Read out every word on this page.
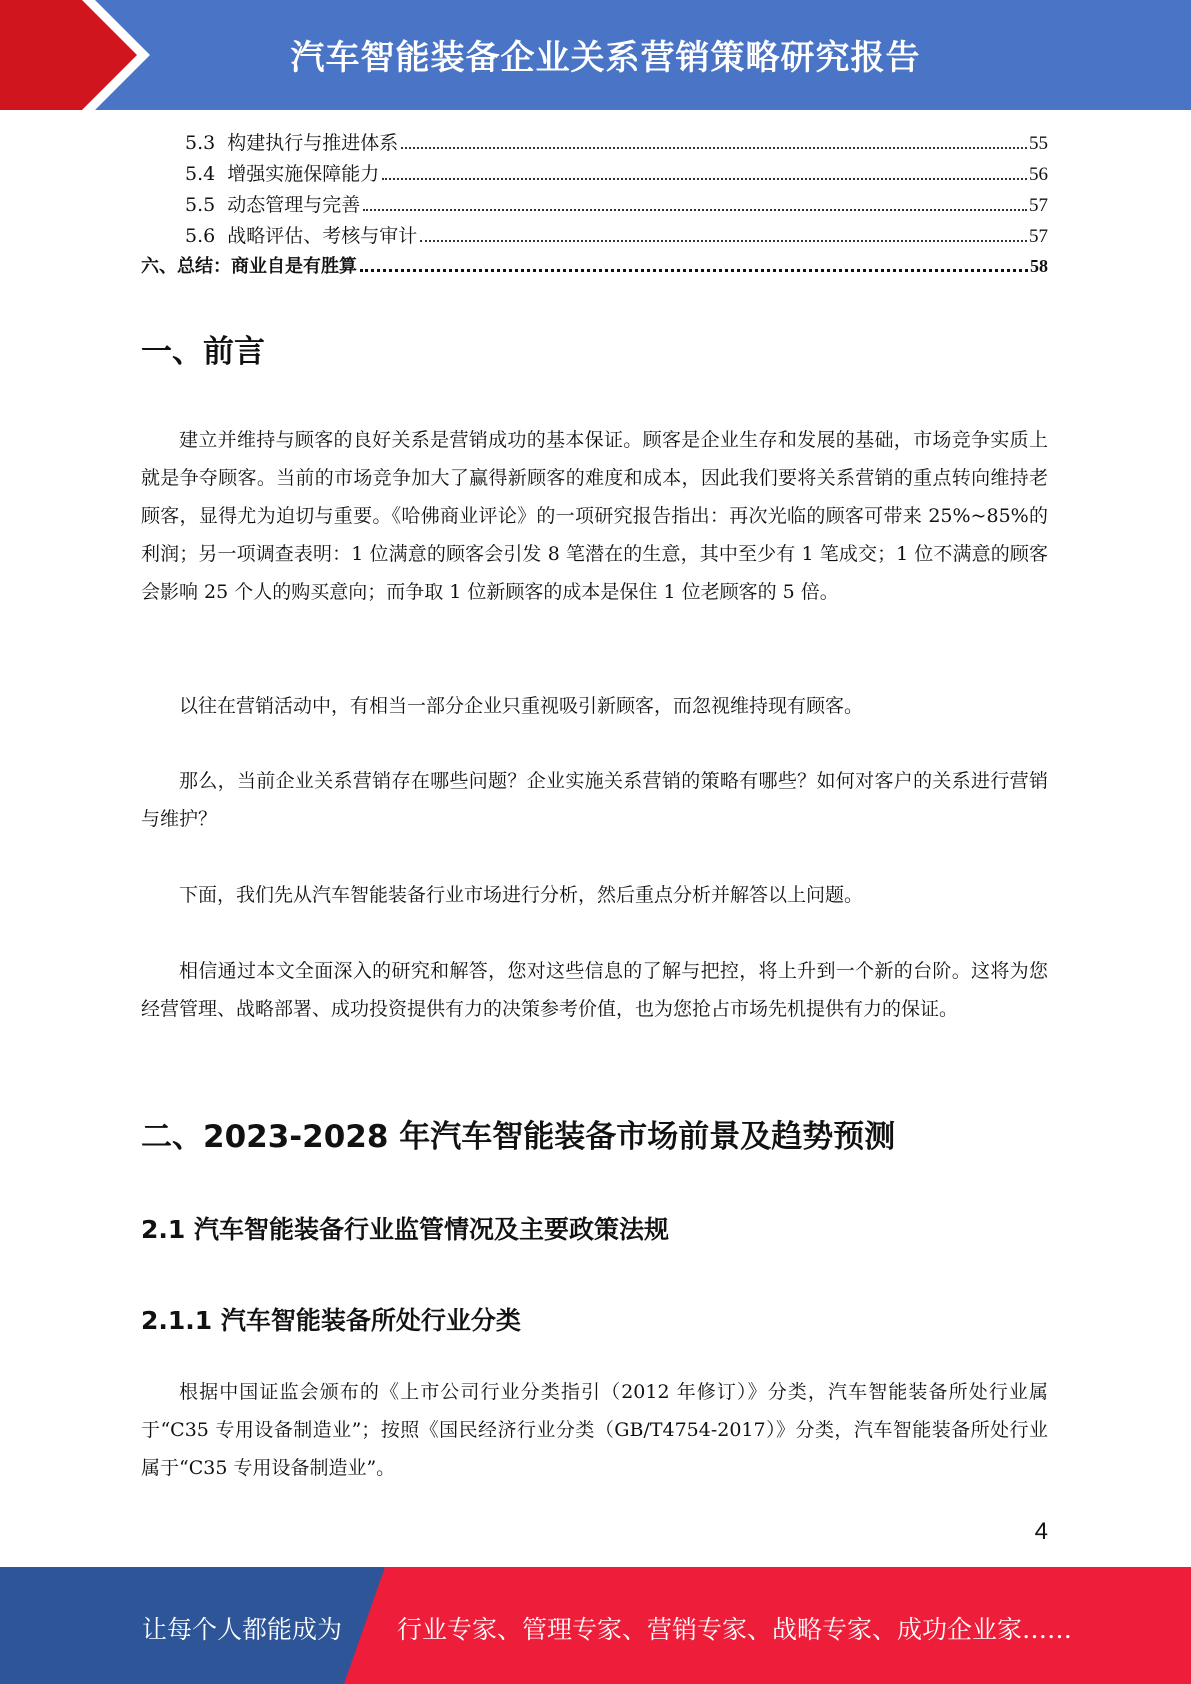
汽车智能装备企业关系营销策略研究报告
5.3  构建执行与推进体系	55
5.4  增强实施保障能力	56
5.5  动态管理与完善	57
5.6  战略评估、考核与审计	57
六、总结：商业自是有胜算	58
一、前言

建立并维持与顾客的良好关系是营销成功的基本保证。顾客是企业生存和发展的基础，市场竞争实质上就是争夺顾客。当前的市场竞争加大了赢得新顾客的难度和成本，因此我们要将关系营销的重点转向维持老顾客，显得尤为迫切与重要。《哈佛商业评论》的一项研究报告指出：再次光临的顾客可带来 25%~85%的利润；另一项调查表明：1 位满意的顾客会引发 8 笔潜在的生意，其中至少有 1 笔成交；1 位不满意的顾客会影响 25 个人的购买意向；而争取 1 位新顾客的成本是保住 1 位老顾客的 5 倍。

以往在营销活动中，有相当一部分企业只重视吸引新顾客，而忽视维持现有顾客。

那么，当前企业关系营销存在哪些问题？企业实施关系营销的策略有哪些？如何对客户的关系进行营销与维护？

下面，我们先从汽车智能装备行业市场进行分析，然后重点分析并解答以上问题。

相信通过本文全面深入的研究和解答，您对这些信息的了解与把控，将上升到一个新的台阶。这将为您经营管理、战略部署、成功投资提供有力的决策参考价值，也为您抢占市场先机提供有力的保证。

二、2023-2028 年汽车智能装备市场前景及趋势预测
2.1 汽车智能装备行业监管情况及主要政策法规
2.1.1 汽车智能装备所处行业分类

根据中国证监会颁布的《上市公司行业分类指引（2012 年修订）》分类，汽车智能装备所处行业属于“C35 专用设备制造业”；按照《国民经济行业分类（GB/T4754-2017）》分类，汽车智能装备所处行业属于“C35 专用设备制造业”。

4
让每个人都能成为 行业专家、管理专家、营销专家、战略专家、成功企业家……
